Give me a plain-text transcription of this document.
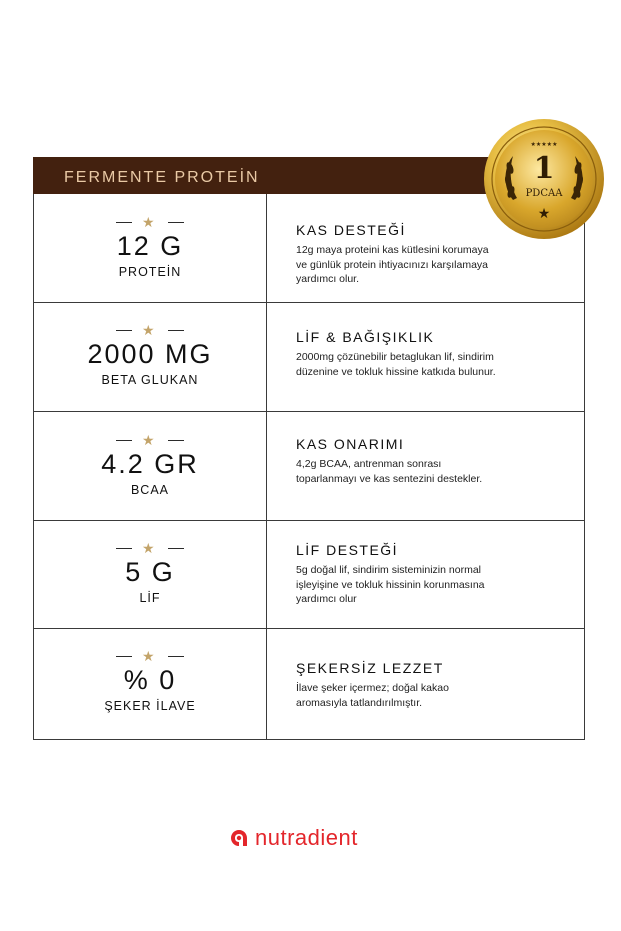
FERMENTE PROTEİN
★
12 G
PROTEİN
KAS DESTEĞİ
12g maya proteini kas kütlesini korumaya ve günlük protein ihtiyacınızı karşılamaya yardımcı olur.
★
2000 MG
BETA GLUKAN
LİF & BAĞIŞIKLIK
2000mg çözünebilir betaglukan lif, sindirim düzenine ve tokluk hissine katkıda bulunur.
★
4.2 GR
BCAA
KAS ONARIMI
4,2g BCAA, antrenman sonrası toparlanmayı ve kas sentezini destekler.
★
5 G
LİF
LİF DESTEĞİ
5g doğal lif, sindirim sisteminizin normal işleyişine ve tokluk hissinin korunmasına yardımcı olur
★
% 0
ŞEKER İLAVE
ŞEKERSİZ LEZZET
İlave şeker içermez; doğal kakao aromasıyla tatlandırılmıştır.
★★★★★
1
PDCAA
★
nutradient
